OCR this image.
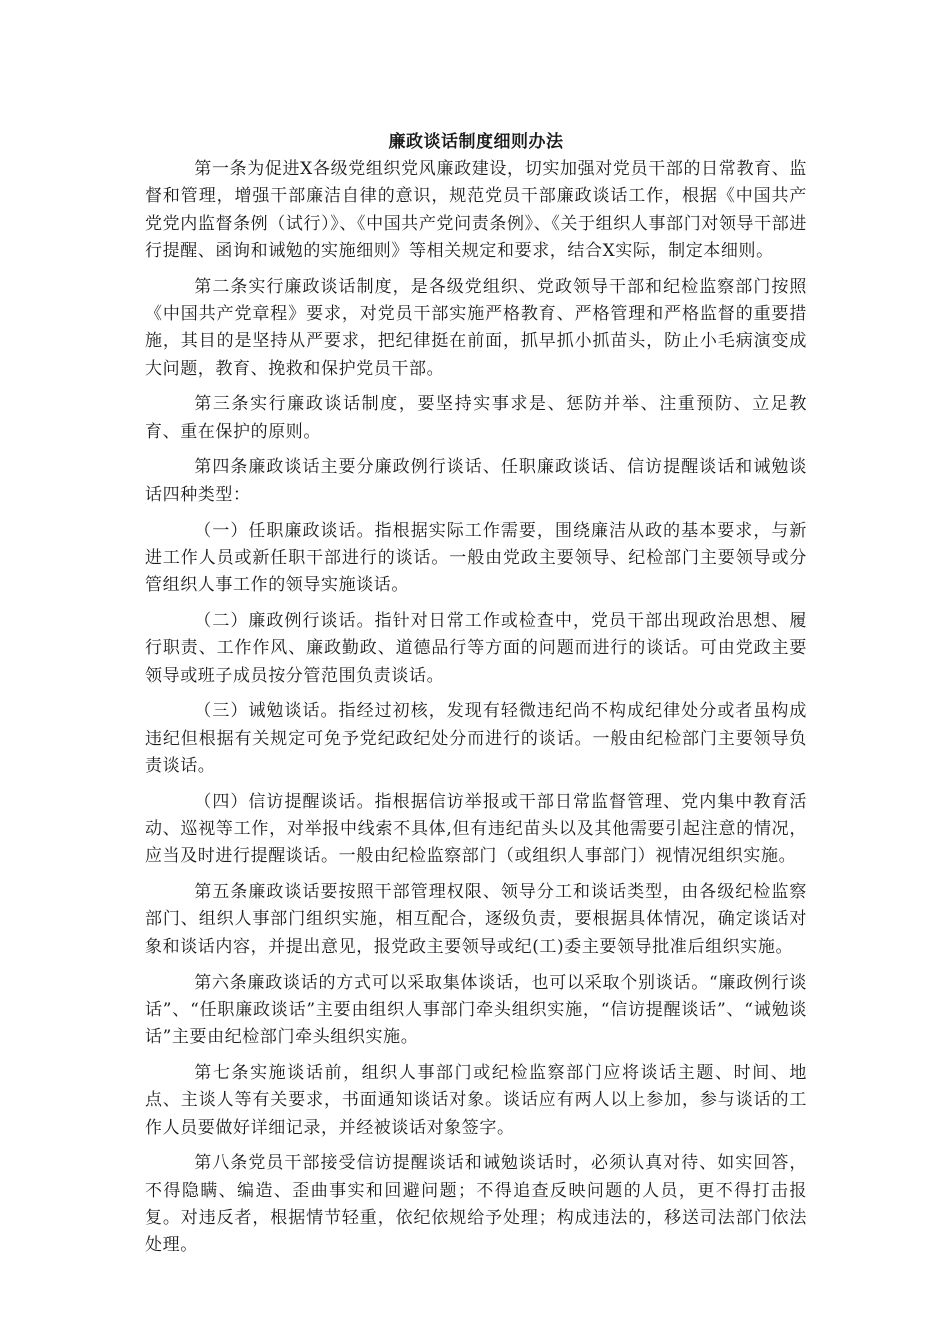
廉政谈话制度细则办法

第一条为促进X各级党组织党风廉政建设，切实加强对党员干部的日常教育、监督和管理，增强干部廉洁自律的意识，规范党员干部廉政谈话工作，根据《中国共产党党内监督条例（试行）》、《中国共产党问责条例》、《关于组织人事部门对领导干部进行提醒、函询和诫勉的实施细则》等相关规定和要求，结合X实际，制定本细则。

第二条实行廉政谈话制度，是各级党组织、党政领导干部和纪检监察部门按照《中国共产党章程》要求，对党员干部实施严格教育、严格管理和严格监督的重要措施，其目的是坚持从严要求，把纪律挺在前面，抓早抓小抓苗头，防止小毛病演变成大问题，教育、挽救和保护党员干部。

第三条实行廉政谈话制度，要坚持实事求是、惩防并举、注重预防、立足教育、重在保护的原则。

第四条廉政谈话主要分廉政例行谈话、任职廉政谈话、信访提醒谈话和诫勉谈话四种类型：

（一）任职廉政谈话。指根据实际工作需要，围绕廉洁从政的基本要求，与新进工作人员或新任职干部进行的谈话。一般由党政主要领导、纪检部门主要领导或分管组织人事工作的领导实施谈话。

（二）廉政例行谈话。指针对日常工作或检查中，党员干部出现政治思想、履行职责、工作作风、廉政勤政、道德品行等方面的问题而进行的谈话。可由党政主要领导或班子成员按分管范围负责谈话。

（三）诫勉谈话。指经过初核，发现有轻微违纪尚不构成纪律处分或者虽构成违纪但根据有关规定可免予党纪政纪处分而进行的谈话。一般由纪检部门主要领导负责谈话。

（四）信访提醒谈话。指根据信访举报或干部日常监督管理、党内集中教育活动、巡视等工作，对举报中线索不具体,但有违纪苗头以及其他需要引起注意的情况，应当及时进行提醒谈话。一般由纪检监察部门（或组织人事部门）视情况组织实施。

第五条廉政谈话要按照干部管理权限、领导分工和谈话类型，由各级纪检监察部门、组织人事部门组织实施，相互配合，逐级负责，要根据具体情况，确定谈话对象和谈话内容，并提出意见，报党政主要领导或纪(工)委主要领导批准后组织实施。

第六条廉政谈话的方式可以采取集体谈话，也可以采取个别谈话。“廉政例行谈话”、“任职廉政谈话”主要由组织人事部门牵头组织实施，“信访提醒谈话”、“诫勉谈话”主要由纪检部门牵头组织实施。

第七条实施谈话前，组织人事部门或纪检监察部门应将谈话主题、时间、地点、主谈人等有关要求，书面通知谈话对象。谈话应有两人以上参加，参与谈话的工作人员要做好详细记录，并经被谈话对象签字。

第八条党员干部接受信访提醒谈话和诫勉谈话时，必须认真对待、如实回答，不得隐瞒、编造、歪曲事实和回避问题；不得追查反映问题的人员，更不得打击报复。对违反者，根据情节轻重，依纪依规给予处理；构成违法的，移送司法部门依法处理。
